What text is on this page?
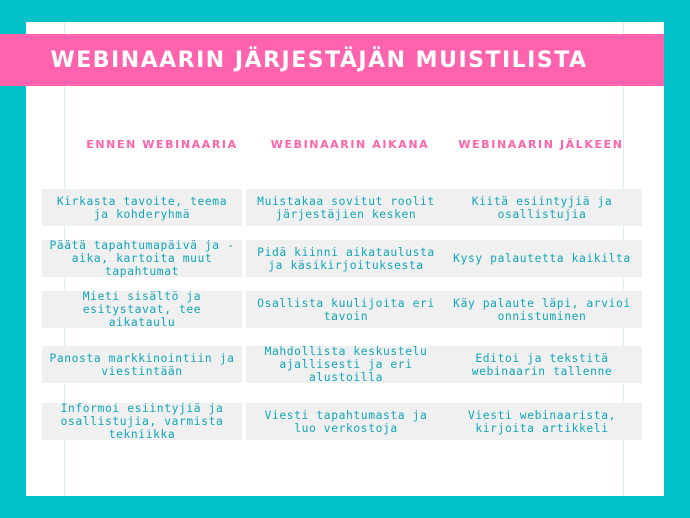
WEBINAARIN JÄRJESTÄJÄN MUISTILISTA
ENNEN WEBINAARIA	WEBINAARIN AIKANA	WEBINAARIN JÄLKEEN
Kirkasta tavoite, teema ja kohderyhmä
Päätä tapahtumapäivä ja -aika, kartoita muut tapahtumat
Mieti sisältö ja esitystavat, tee aikataulu
Panosta markkinointiin ja viestintään
Informoi esiintyjiä ja osallistujia, varmista tekniikka
Muistakaa sovitut roolit järjestäjien kesken
Pidä kiinni aikataulusta ja käsikirjoituksesta
Osallista kuulijoita eri tavoin
Mahdollista keskustelu ajallisesti ja eri alustoilla
Viesti tapahtumasta ja luo verkostoja
Kiitä esiintyjiä ja osallistujia
Kysy palautetta kaikilta
Käy palaute läpi, arvioi onnistuminen
Editoi ja tekstitä webinaarin tallenne
Viesti webinaarista, kirjoita artikkeli
